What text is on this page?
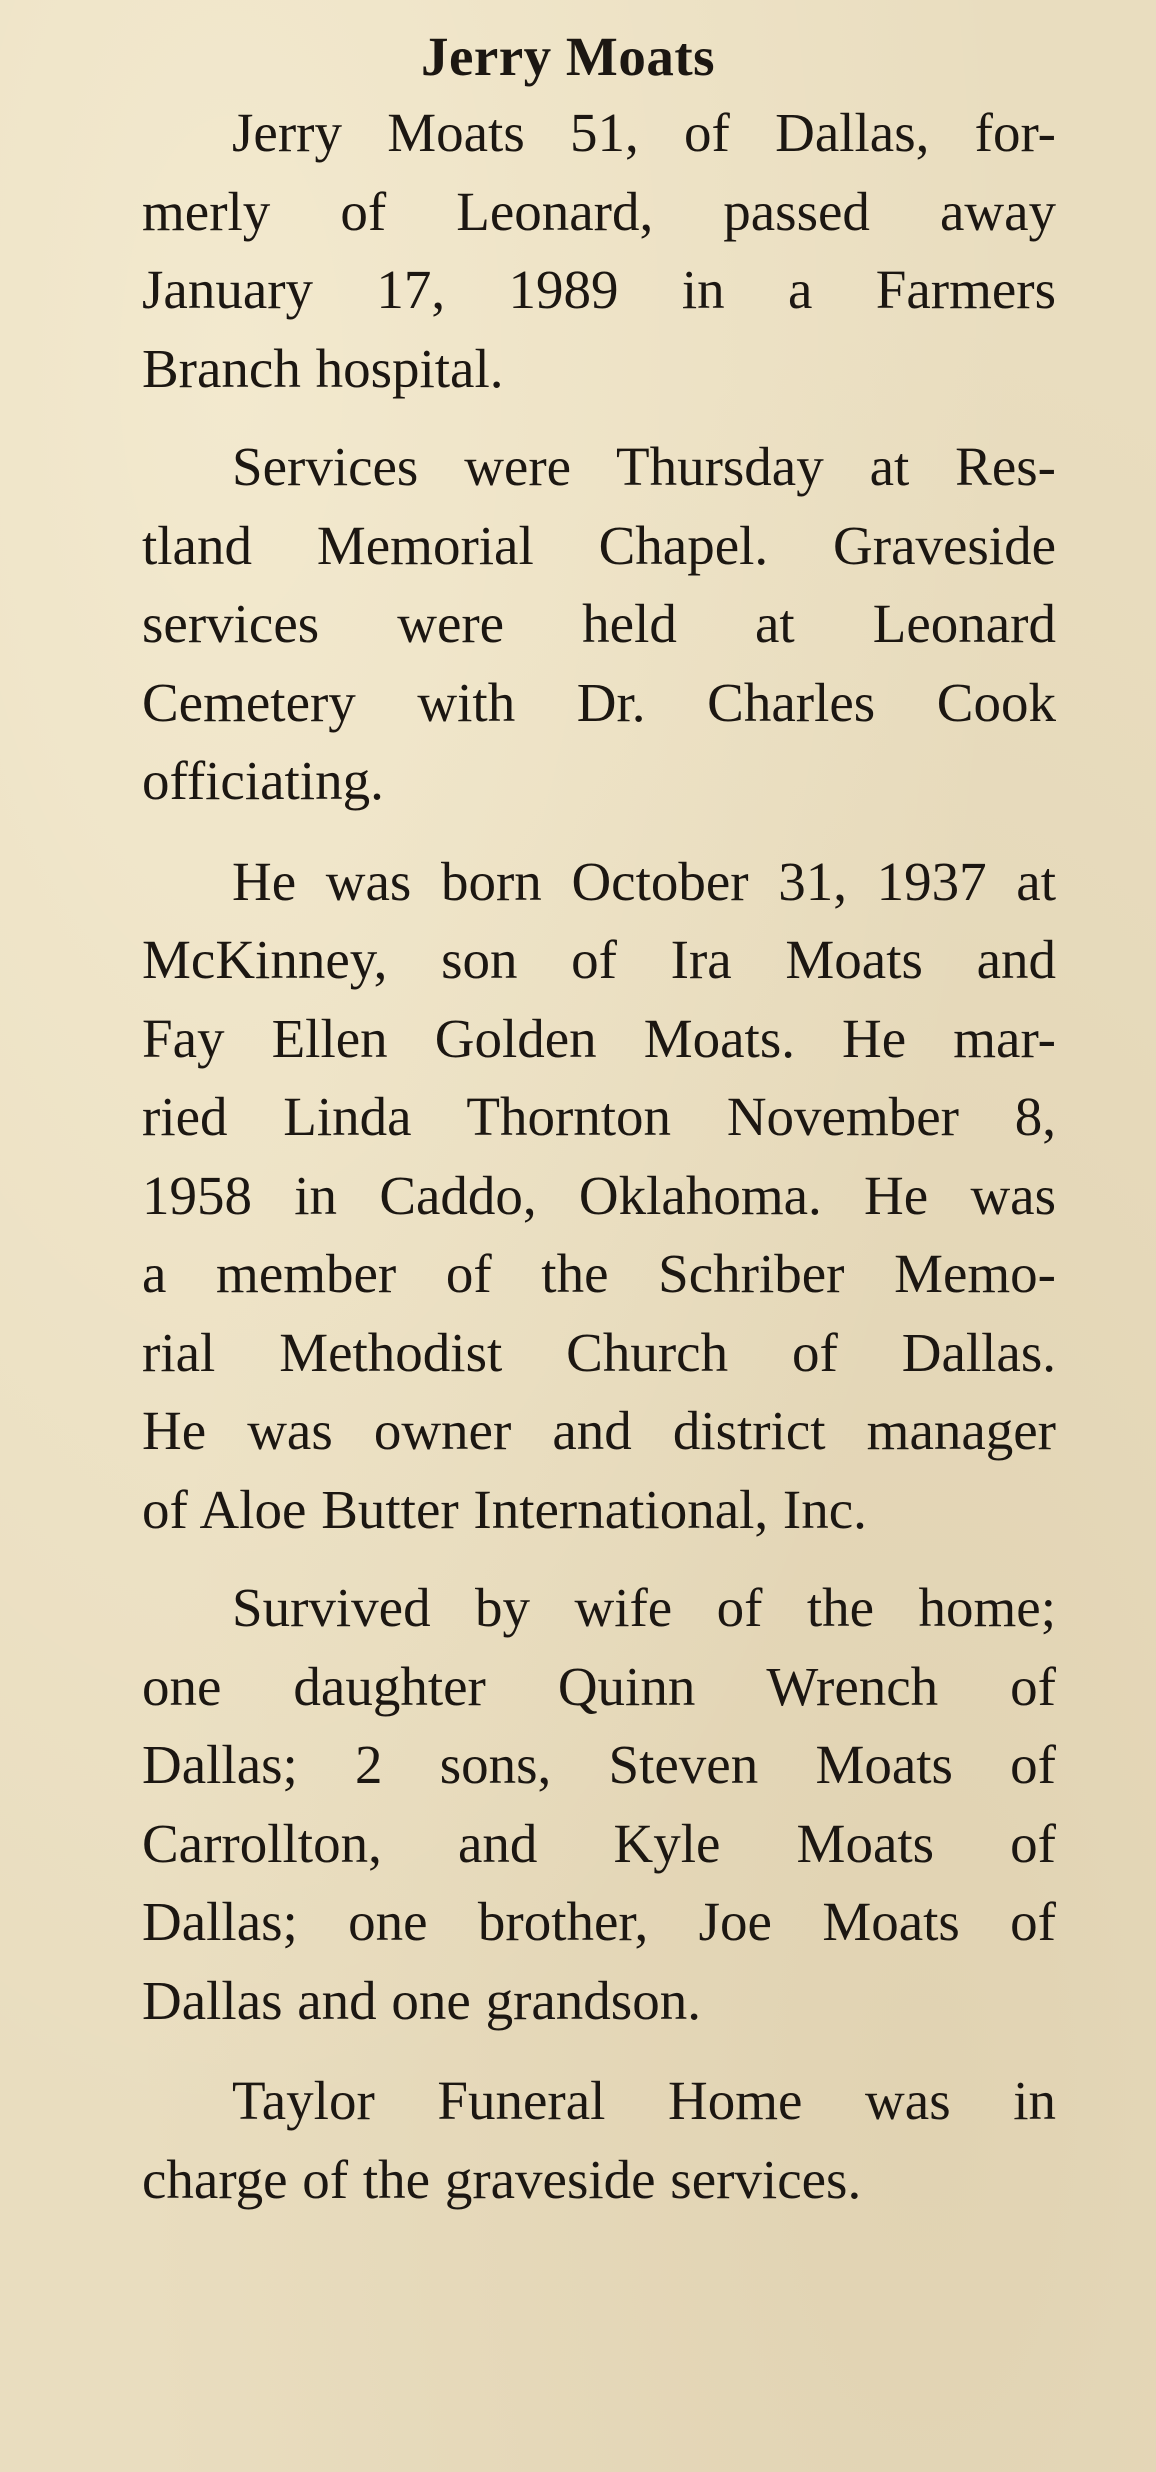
Jerry Moats
Jerry Moats 51, of Dallas, for-
merly of Leonard, passed away
January 17, 1989 in a Farmers
Branch hospital.
Services were Thursday at Res-
tland Memorial Chapel. Graveside
services were held at Leonard
Cemetery with Dr. Charles Cook
officiating.
He was born October 31, 1937 at
McKinney, son of Ira Moats and
Fay Ellen Golden Moats. He mar-
ried Linda Thornton November 8,
1958 in Caddo, Oklahoma. He was
a member of the Schriber Memo-
rial Methodist Church of Dallas.
He was owner and district manager
of Aloe Butter International, Inc.
Survived by wife of the home;
one daughter Quinn Wrench of
Dallas; 2 sons, Steven Moats of
Carrollton, and Kyle Moats of
Dallas; one brother, Joe Moats of
Dallas and one grandson.
Taylor Funeral Home was in
charge of the graveside services.
